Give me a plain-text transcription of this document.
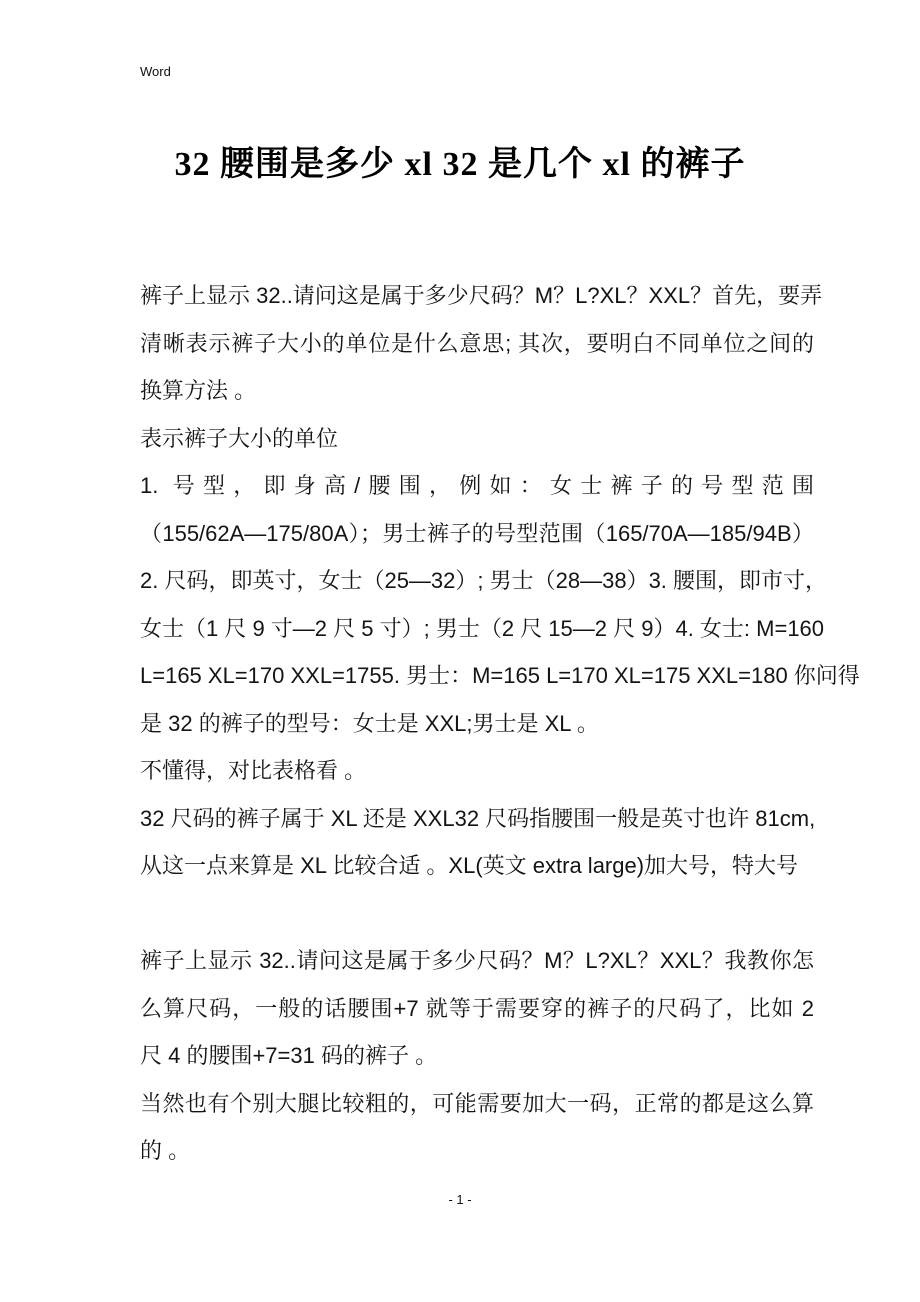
Word
32 腰围是多少 xl 32 是几个 xl 的裤子
裤子上显示 32..请问这是属于多少尺码？M？L?XL？XXL？首先，要弄
清晰表示裤子大小的单位是什么意思; 其次，要明白不同单位之间的
换算方法 。
表示裤子大小的单位
1. 号型，即身高/腰围，例如：女士裤子的号型范围
（155/62A—175/80A）；男士裤子的号型范围（165/70A—185/94B）
2. 尺码，即英寸，女士（25—32）; 男士（28—38）3. 腰围，即市寸，
女士（1 尺 9 寸—2 尺 5 寸）; 男士（2 尺 15—2 尺 9）4. 女士: M=160
L=165 XL=170 XXL=1755. 男士：M=165 L=170 XL=175 XXL=180 你问得
是 32 的裤子的型号：女士是 XXL;男士是 XL 。
不懂得，对比表格看 。
32 尺码的裤子属于 XL 还是 XXL32 尺码指腰围一般是英寸也许 81cm,
从这一点来算是 XL 比较合适 。XL(英文 extra large)加大号，特大号
裤子上显示 32..请问这是属于多少尺码？M？L?XL？XXL？我教你怎
么算尺码，一般的话腰围+7 就等于需要穿的裤子的尺码了，比如 2
尺 4 的腰围+7=31 码的裤子 。
当然也有个别大腿比较粗的，可能需要加大一码，正常的都是这么算
的 。
- 1 -
